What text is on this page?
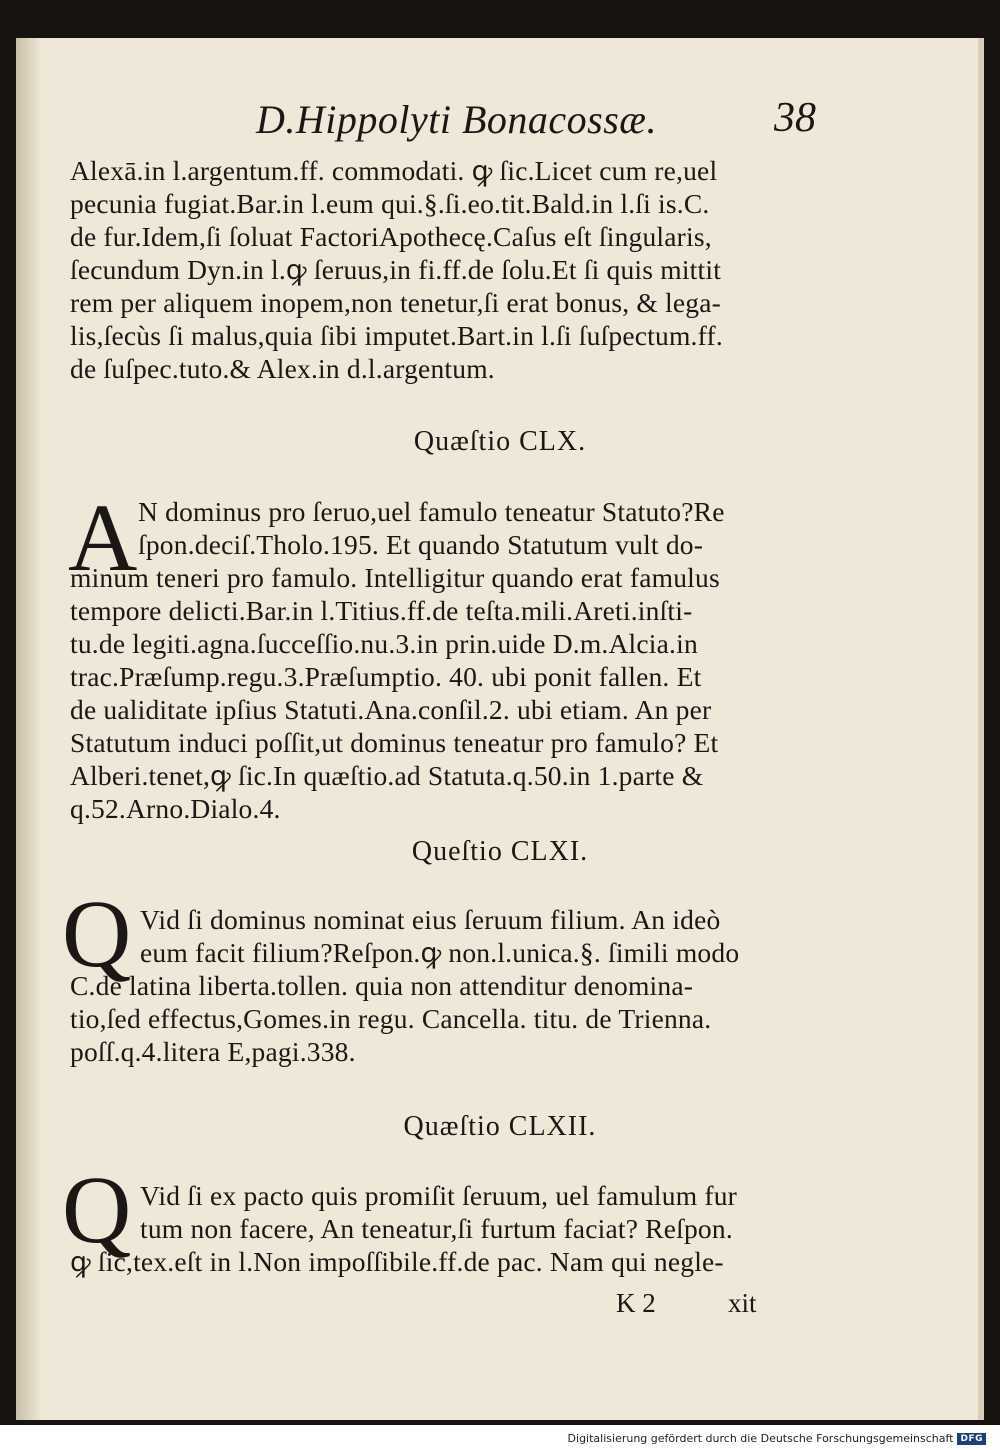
D.Hippolyti Bonacossæ.	38
Alexā.in l.argentum.ff. commodati. ꝙ ſic.Licet cum re,uel
pecunia fugiat.Bar.in l.eum qui.§.ſi.eo.tit.Bald.in l.ſi is.C.
de fur.Idem,ſi ſoluat FactoriApothecę.Caſus eſt ſingularis,
ſecundum Dyn.in l.ꝙ ſeruus,in fi.ff.de ſolu.Et ſi quis mittit
rem per aliquem inopem,non tenetur,ſi erat bonus, & lega-
lis,ſecùs ſi malus,quia ſibi imputet.Bart.in l.ſi ſuſpectum.ff.
de ſuſpec.tuto.& Alex.in d.l.argentum.
Quæſtio CLX.
A N dominus pro ſeruo,uel famulo teneatur Statuto?Re
ſpon.deciſ.Tholo.195. Et quando Statutum vult do-
minum teneri pro famulo. Intelligitur quando erat famulus
tempore delicti.Bar.in l.Titius.ff.de teſta.mili.Areti.inſti-
tu.de legiti.agna.ſucceſſio.nu.3.in prin.uide D.m.Alcia.in
trac.Præſump.regu.3.Præſumptio. 40. ubi ponit fallen. Et
de ualiditate ipſius Statuti.Ana.conſil.2. ubi etiam. An per
Statutum induci poſſit,ut dominus teneatur pro famulo? Et
Alberi.tenet,ꝙ ſic.In quæſtio.ad Statuta.q.50.in 1.parte &
q.52.Arno.Dialo.4.
Queſtio CLXI.
Q Vid ſi dominus nominat eius ſeruum filium. An ideò
eum facit filium?Reſpon.ꝙ non.l.unica.§. ſimili modo
C.de latina liberta.tollen. quia non attenditur denomina-
tio,ſed effectus,Gomes.in regu. Cancella. titu. de Trienna.
poſſ.q.4.litera E,pagi.338.
Quæſtio CLXII.
Q Vid ſi ex pacto quis promiſit ſeruum, uel famulum fur
tum non facere, An teneatur,ſi furtum faciat? Reſpon.
ꝙ ſic,tex.eſt in l.Non impoſſibile.ff.de pac. Nam qui negle-
K 2	xit
Digitalisierung gefördert durch die Deutsche Forschungsgemeinschaft DFG
